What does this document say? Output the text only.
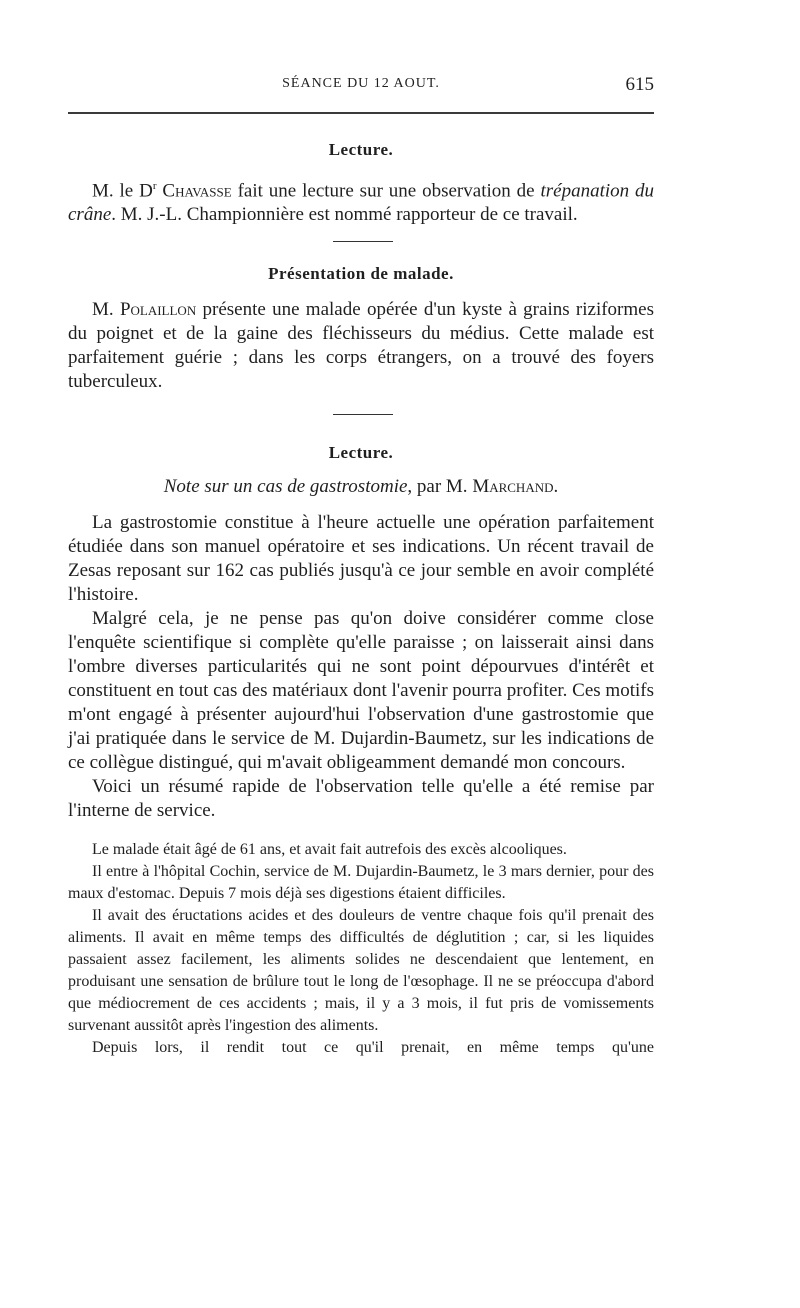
SÉANCE DU 12 AOUT.	615
Lecture.

M. le $D^r$ Chavasse fait une lecture sur une observation de trépanation du crâne. M. J.-L. Championnière est nommé rapporteur de ce travail.

Présentation de malade.

M. Polaillon présente une malade opérée d'un kyste à grains riziformes du poignet et de la gaine des fléchisseurs du médius. Cette malade est parfaitement guérie ; dans les corps étrangers, on a trouvé des foyers tuberculeux.

Lecture.

Note sur un cas de gastrostomie, par M. Marchand.

La gastrostomie constitue à l'heure actuelle une opération parfaitement étudiée dans son manuel opératoire et ses indications. Un récent travail de Zesas reposant sur 162 cas publiés jusqu'à ce jour semble en avoir complété l'histoire.

Malgré cela, je ne pense pas qu'on doive considérer comme close l'enquête scientifique si complète qu'elle paraisse ; on laisserait ainsi dans l'ombre diverses particularités qui ne sont point dépourvues d'intérêt et constituent en tout cas des matériaux dont l'avenir pourra profiter. Ces motifs m'ont engagé à présenter aujourd'hui l'observation d'une gastrostomie que j'ai pratiquée dans le service de M. Dujardin-Baumetz, sur les indications de ce collègue distingué, qui m'avait obligeamment demandé mon concours.

Voici un résumé rapide de l'observation telle qu'elle a été remise par l'interne de service.

Le malade était âgé de 61 ans, et avait fait autrefois des excès alcooliques.

Il entre à l'hôpital Cochin, service de M. Dujardin-Baumetz, le 3 mars dernier, pour des maux d'estomac. Depuis 7 mois déjà ses digestions étaient difficiles.

Il avait des éructations acides et des douleurs de ventre chaque fois qu'il prenait des aliments. Il avait en même temps des difficultés de déglutition ; car, si les liquides passaient assez facilement, les aliments solides ne descendaient que lentement, en produisant une sensation de brûlure tout le long de l'œsophage. Il ne se préoccupa d'abord que médiocrement de ces accidents ; mais, il y a 3 mois, il fut pris de vomissements survenant aussitôt après l'ingestion des aliments.

Depuis lors, il rendit tout ce qu'il prenait, en même temps qu'une
